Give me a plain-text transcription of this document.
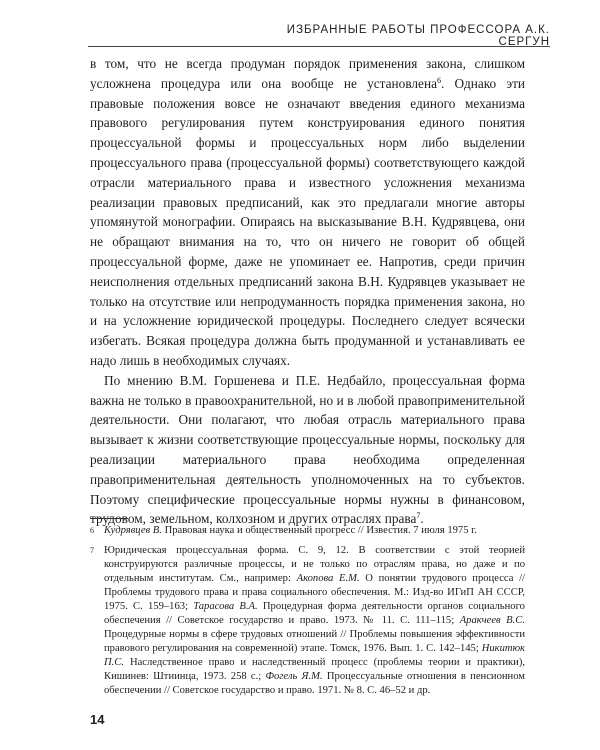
ИЗБРАННЫЕ РАБОТЫ ПРОФЕССОРА А.К. СЕРГУН

в том, что не всегда продуман порядок применения закона, слишком усложнена процедура или она вообще не установлена$^6$. Однако эти правовые положения вовсе не означают введения единого механизма правового регулирования путем конструирования единого понятия процессуальной формы и процессуальных норм либо выделении процессуального права (процессуальной формы) соответствующего каждой отрасли материального права и известного усложнения механизма реализации правовых предписаний, как это предлагали многие авторы упомянутой монографии. Опираясь на высказывание В.Н. Кудрявцева, они не обращают внимания на то, что он ничего не говорит об общей процессуальной форме, даже не упоминает ее. Напротив, среди причин неисполнения отдельных предписаний закона В.Н. Кудрявцев указывает не только на отсутствие или непродуманность порядка применения закона, но и на усложнение юридической процедуры. Последнего следует всячески избегать. Всякая процедура должна быть продуманной и устанавливать ее надо лишь в необходимых случаях.

По мнению В.М. Горшенева и П.Е. Недбайло, процессуальная форма важна не только в правоохранительной, но и в любой правоприменительной деятельности. Они полагают, что любая отрасль материального права вызывает к жизни соответствующие процессуальные нормы, поскольку для реализации материального права необходима определенная правоприменительная деятельность уполномоченных на то субъектов. Поэтому специфические процессуальные нормы нужны в финансовом, трудовом, земельном, колхозном и других отраслях права$^7$.

6 Кудрявцев В. Правовая наука и общественный прогресс // Известия. 7 июля 1975 г.
7 Юридическая процессуальная форма. С. 9, 12. В соответствии с этой теорией конструируются различные процессы, и не только по отраслям права, но даже и по отдельным институтам. См., например: Акопова Е.М. О понятии трудового процесса // Проблемы трудового права и права социального обеспечения. М.: Изд-во ИГиП АН СССР, 1975. С. 159–163; Тарасова В.А. Процедурная форма деятельности органов социального обеспечения // Советское государство и право. 1973. № 11. С. 111–115; Аракчеев В.С. Процедурные нормы в сфере трудовых отношений // Проблемы повышения эффективности правового регулирования на современной) этапе. Томск, 1976. Вып. 1. С. 142–145; Никитюк П.С. Наследственное право и наследственный процесс (проблемы теории и практики), Кишинев: Штиинца, 1973. 258 с.; Фогель Я.М. Процессуальные отношения в пенсионном обеспечении // Советское государство и право. 1971. № 8. С. 46–52 и др.
14
